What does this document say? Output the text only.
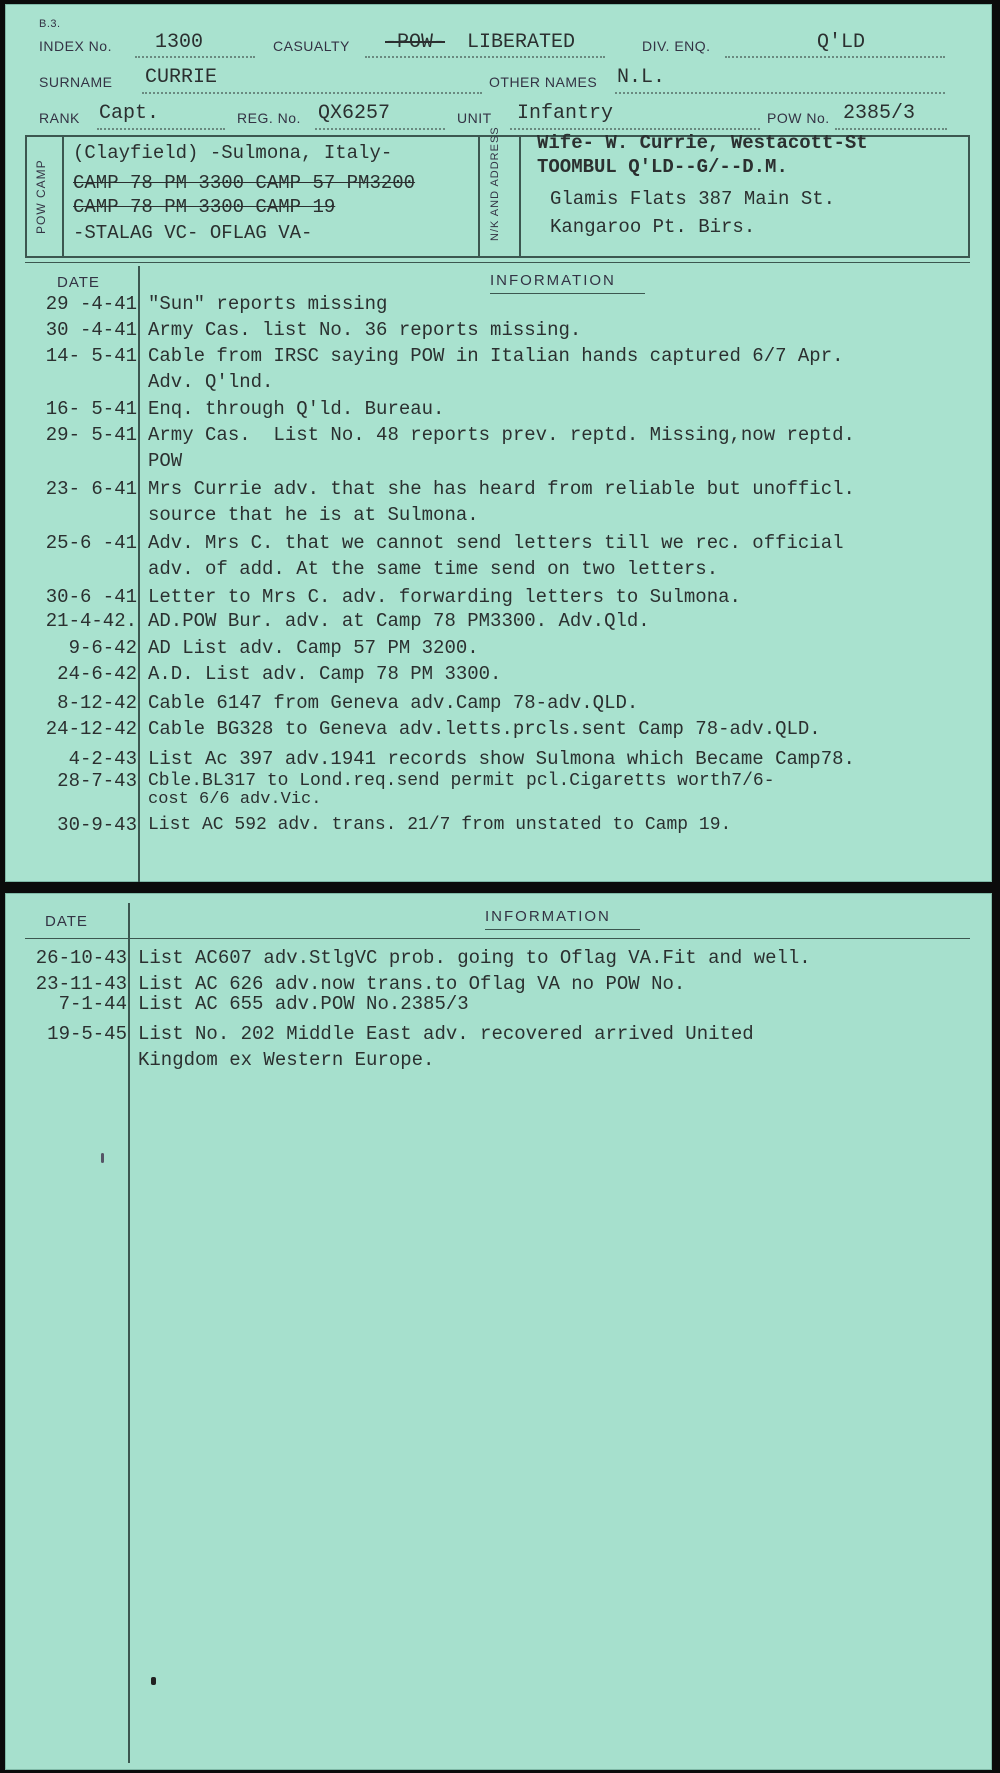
B.3.
INDEX No. 1300	CASUALTY -POW- LIBERATED	DIV. ENQ.	Q'LD
SURNAME CURRIE	OTHER NAMES N.L.
RANK Capt.	REG. No. QX6257	UNIT Infantry	POW No. 2385/3
POW CAMP	N/K AND ADDRESS
(Clayfield) -Sulmona, Italy-
CAMP 78 PM 3300 CAMP 57 PM3200
CAMP 78 PM 3300 CAMP 19
-STALAG VC- OFLAG VA-
Wife- W. Currie, Westacott-St
TOOMBUL Q'LD--G/--D.M.
Glamis Flats 387 Main St.
Kangaroo Pt. Birs.
DATE	INFORMATION
29 -4-41 "Sun" reports missing
30 -4-41 Army Cas. list No. 36 reports missing.
14- 5-41 Cable from IRSC saying POW in Italian hands captured 6/7 Apr.
Adv. Q'lnd.
16- 5-41 Enq. through Q'ld. Bureau.
29- 5-41 Army Cas.  List No. 48 reports prev. reptd. Missing,now reptd.
POW
23- 6-41 Mrs Currie adv. that she has heard from reliable but unofficl.
source that he is at Sulmona.
25-6 -41 Adv. Mrs C. that we cannot send letters till we rec. official
adv. of add. At the same time send on two letters.
30-6 -41 Letter to Mrs C. adv. forwarding letters to Sulmona.
21-4-42. AD.POW Bur. adv. at Camp 78 PM3300. Adv.Qld.
9-6-42 AD List adv. Camp 57 PM 3200.
24-6-42 A.D. List adv. Camp 78 PM 3300.
8-12-42 Cable 6147 from Geneva adv.Camp 78-adv.QLD.
24-12-42 Cable BG328 to Geneva adv.letts.prcls.sent Camp 78-adv.QLD.
4-2-43 List Ac 397 adv.1941 records show Sulmona which Became Camp78.
28-7-43 Cble.BL317 to Lond.req.send permit pcl.Cigaretts worth7/6-
cost 6/6 adv.Vic.
30-9-43 List AC 592 adv. trans. 21/7 from unstated to Camp 19.
DATE	INFORMATION
26-10-43 List AC607 adv.StlgVC prob. going to Oflag VA.Fit and well.
23-11-43 List AC 626 adv.now trans.to Oflag VA no POW No.
7-1-44 List AC 655 adv.POW No.2385/3
19-5-45 List No. 202 Middle East adv. recovered arrived United
Kingdom ex Western Europe.
